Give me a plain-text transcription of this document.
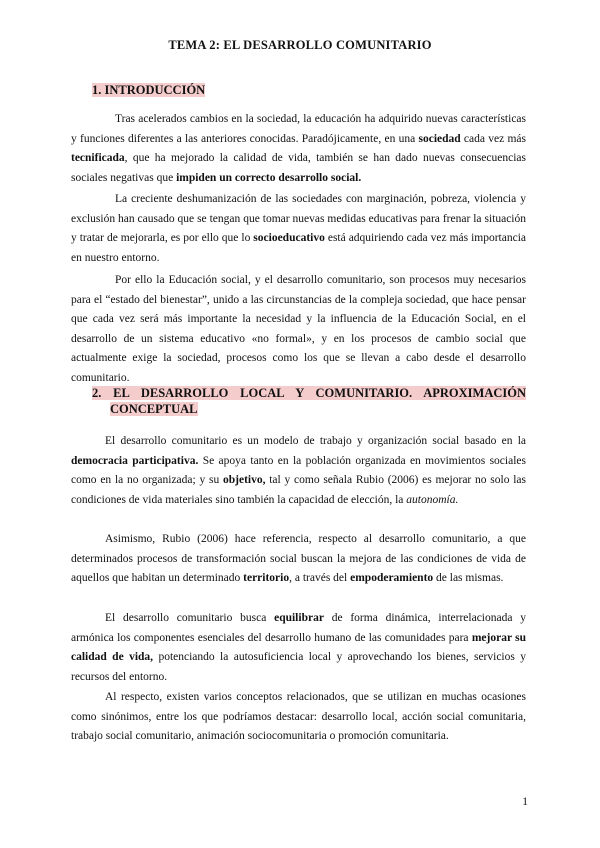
TEMA 2: EL DESARROLLO COMUNITARIO
1. INTRODUCCIÓN

Tras acelerados cambios en la sociedad, la educación ha adquirido nuevas características y funciones diferentes a las anteriores conocidas. Paradójicamente, en una sociedad cada vez más tecnificada, que ha mejorado la calidad de vida, también se han dado nuevas consecuencias sociales negativas que impiden un correcto desarrollo social.

La creciente deshumanización de las sociedades con marginación, pobreza, violencia y exclusión han causado que se tengan que tomar nuevas medidas educativas para frenar la situación y tratar de mejorarla, es por ello que lo socioeducativo está adquiriendo cada vez más importancia en nuestro entorno.

Por ello la Educación social, y el desarrollo comunitario, son procesos muy necesarios para el “estado del bienestar”, unido a las circunstancias de la compleja sociedad, que hace pensar que cada vez será más importante la necesidad y la influencia de la Educación Social, en el desarrollo de un sistema educativo «no formal», y en los procesos de cambio social que actualmente exige la sociedad, procesos como los que se llevan a cabo desde el desarrollo comunitario.

2. EL DESARROLLO LOCAL Y COMUNITARIO. APROXIMACIÓN
CONCEPTUAL

El desarrollo comunitario es un modelo de trabajo y organización social basado en la democracia participativa. Se apoya tanto en la población organizada en movimientos sociales como en la no organizada; y su objetivo, tal y como señala Rubio (2006) es mejorar no solo las condiciones de vida materiales sino también la capacidad de elección, la autonomía.

Asimismo, Rubio (2006) hace referencia, respecto al desarrollo comunitario, a que determinados procesos de transformación social buscan la mejora de las condiciones de vida de aquellos que habitan un determinado territorio, a través del empoderamiento de las mismas.

El desarrollo comunitario busca equilibrar de forma dinámica, interrelacionada y armónica los componentes esenciales del desarrollo humano de las comunidades para mejorar su calidad de vida, potenciando la autosuficiencia local y aprovechando los bienes, servicios y recursos del entorno.

Al respecto, existen varios conceptos relacionados, que se utilizan en muchas ocasiones como sinónimos, entre los que podríamos destacar: desarrollo local, acción social comunitaria, trabajo social comunitario, animación sociocomunitaria o promoción comunitaria.

1
